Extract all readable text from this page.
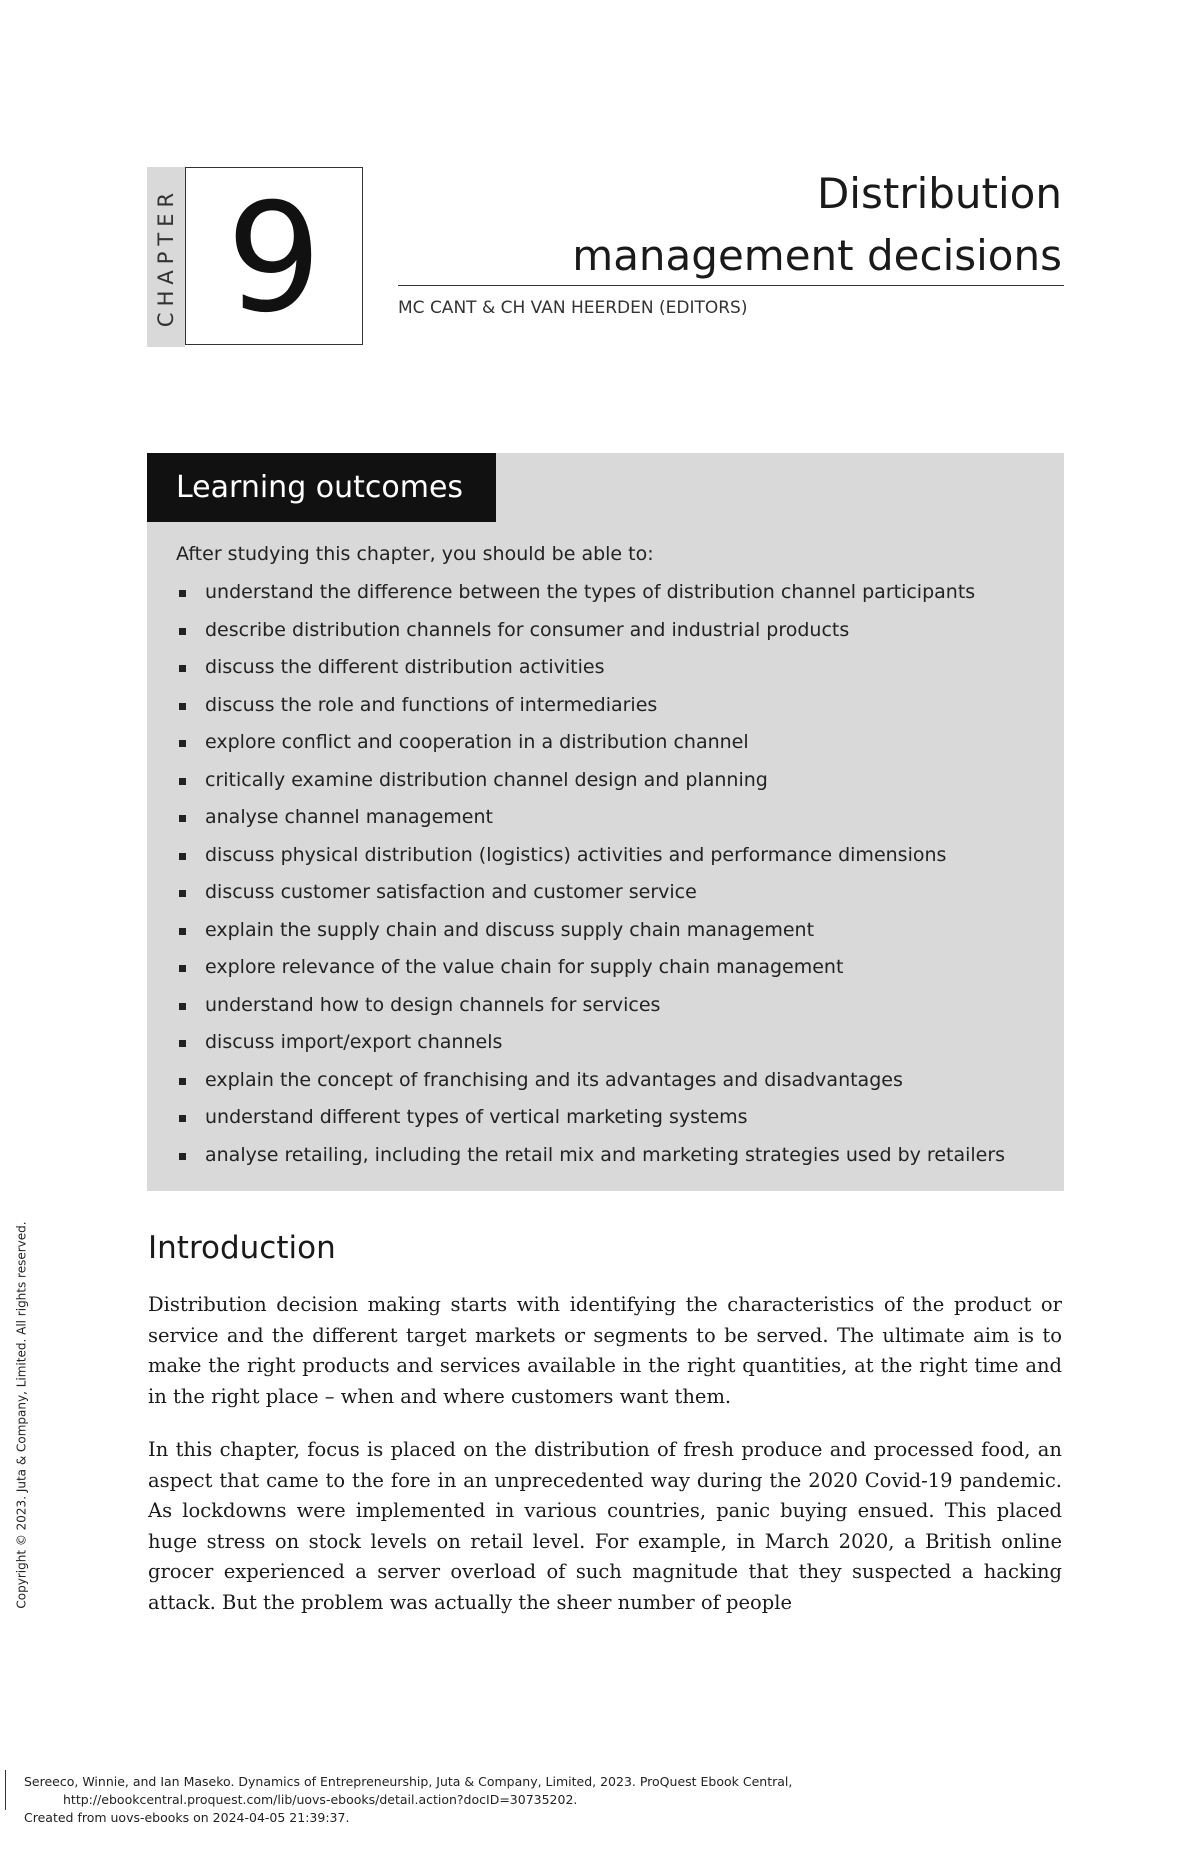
CHAPTER 9	Distribution
management decisions
MC CANT & CH VAN HEERDEN (EDITORS)
Learning outcomes
After studying this chapter, you should be able to:
understand the difference between the types of distribution channel participants
describe distribution channels for consumer and industrial products
discuss the different distribution activities
discuss the role and functions of intermediaries
explore conflict and cooperation in a distribution channel
critically examine distribution channel design and planning
analyse channel management
discuss physical distribution (logistics) activities and performance dimensions
discuss customer satisfaction and customer service
explain the supply chain and discuss supply chain management
explore relevance of the value chain for supply chain management
understand how to design channels for services
discuss import/export channels
explain the concept of franchising and its advantages and disadvantages
understand different types of vertical marketing systems
analyse retailing, including the retail mix and marketing strategies used by retailers
Introduction

Distribution decision making starts with identifying the characteristics of the product or service and the different target markets or segments to be served. The ultimate aim is to make the right products and services available in the right quantities, at the right time and in the right place – when and where customers want them.

In this chapter, focus is placed on the distribution of fresh produce and processed food, an aspect that came to the fore in an unprecedented way during the 2020 Covid-19 pandemic. As lockdowns were implemented in various countries, panic buying ensued. This placed huge stress on stock levels on retail level. For example, in March 2020, a British online grocer experienced a server overload of such magnitude that they suspected a hacking attack. But the problem was actually the sheer number of people

Copyright © 2023. Juta & Company, Limited. All rights reserved.
Sereeco, Winnie, and Ian Maseko. Dynamics of Entrepreneurship, Juta & Company, Limited, 2023. ProQuest Ebook Central,
http://ebookcentral.proquest.com/lib/uovs-ebooks/detail.action?docID=30735202.
Created from uovs-ebooks on 2024-04-05 21:39:37.
